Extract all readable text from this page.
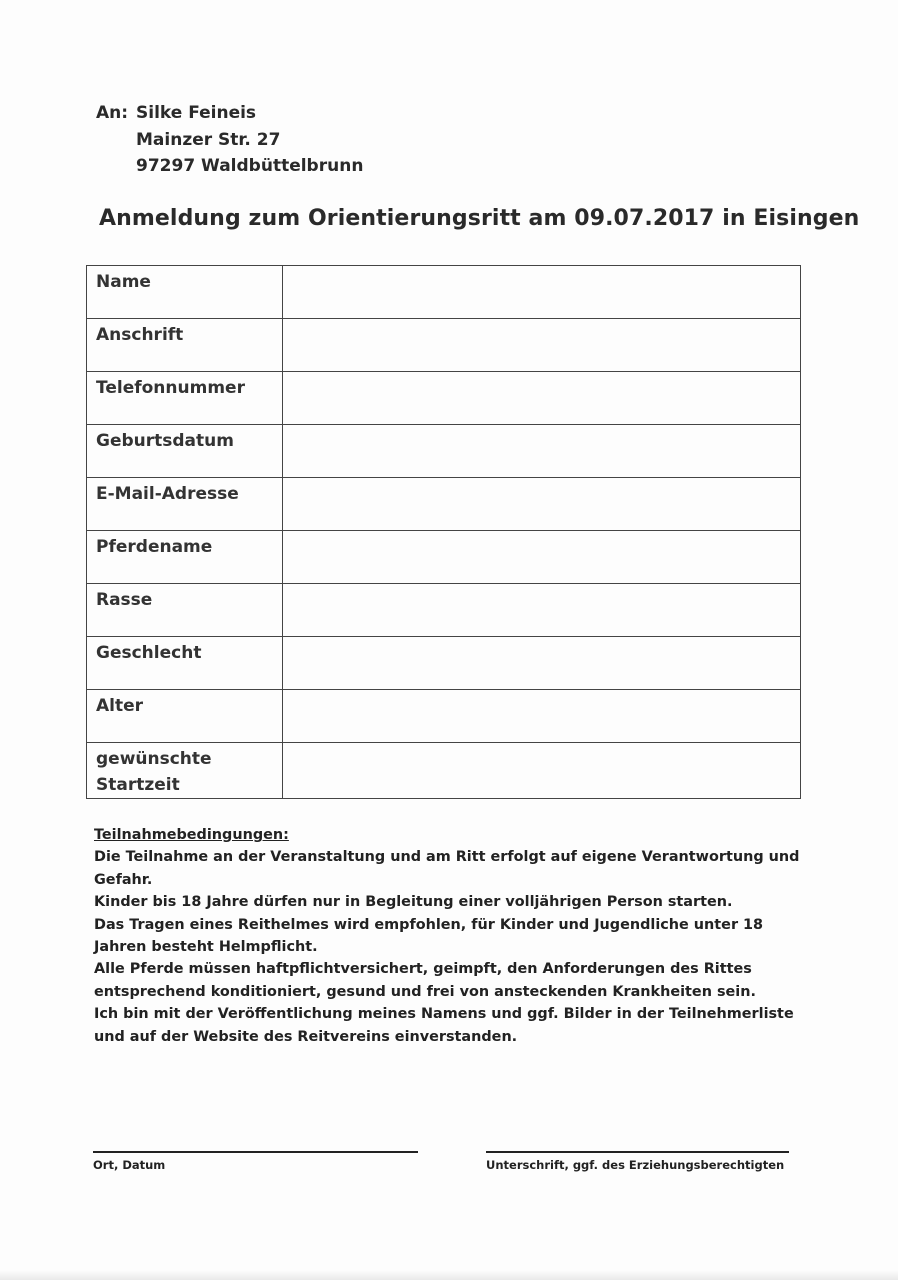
An: Silke Feineis
Mainzer Str. 27
97297 Waldbüttelbrunn
Anmeldung zum Orientierungsritt am 09.07.2017 in Eisingen
Name	
Anschrift	
Telefonnummer	
Geburtsdatum	
E-Mail-Adresse	
Pferdename	
Rasse	
Geschlecht	
Alter	
gewünschte Startzeit	

Teilnahmebedingungen:

Die Teilnahme an der Veranstaltung und am Ritt erfolgt auf eigene Verantwortung und Gefahr.

Kinder bis 18 Jahre dürfen nur in Begleitung einer volljährigen Person starten.

Das Tragen eines Reithelmes wird empfohlen, für Kinder und Jugendliche unter 18 Jahren besteht Helmpflicht.

Alle Pferde müssen haftpflichtversichert, geimpft, den Anforderungen des Rittes entsprechend konditioniert, gesund und frei von ansteckenden Krankheiten sein.

Ich bin mit der Veröffentlichung meines Namens und ggf. Bilder in der Teilnehmerliste und auf der Website des Reitvereins einverstanden.

Ort, Datum	Unterschrift, ggf. des Erziehungsberechtigten
